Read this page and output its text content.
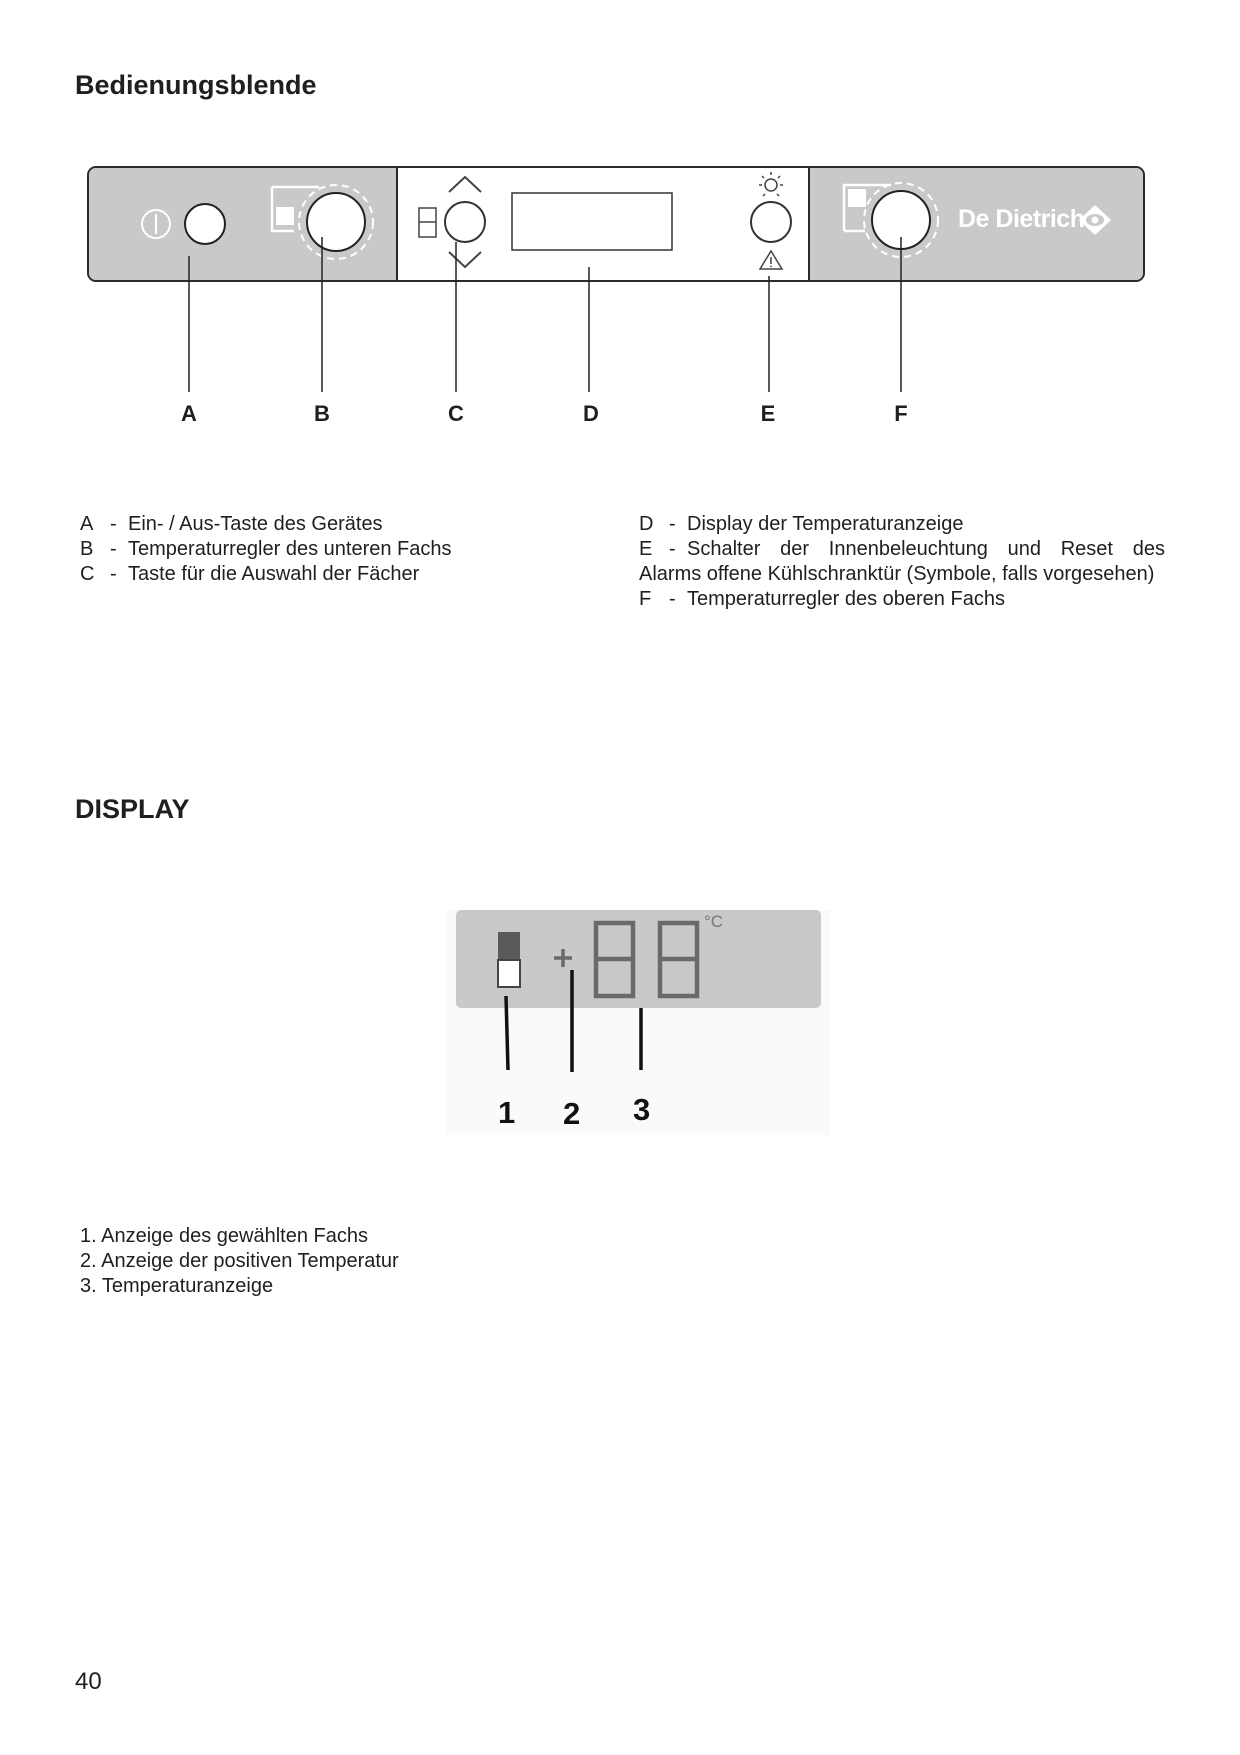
Bedienungsblende
De Dietrich
A	B	C	D	E	F
A - Ein- / Aus-Taste des Gerätes
B - Temperaturregler des unteren Fachs
C - Taste für die Auswahl der Fächer
D - Display der Temperaturanzeige
E - Schalter der Innenbeleuchtung und Reset des
Alarms offene Kühlschranktür (Symbole, falls vorgesehen)
F - Temperaturregler des oberen Fachs
DISPLAY
°C
1 2 3
1. Anzeige des gewählten Fachs
2. Anzeige der positiven Temperatur
3. Temperaturanzeige
40
